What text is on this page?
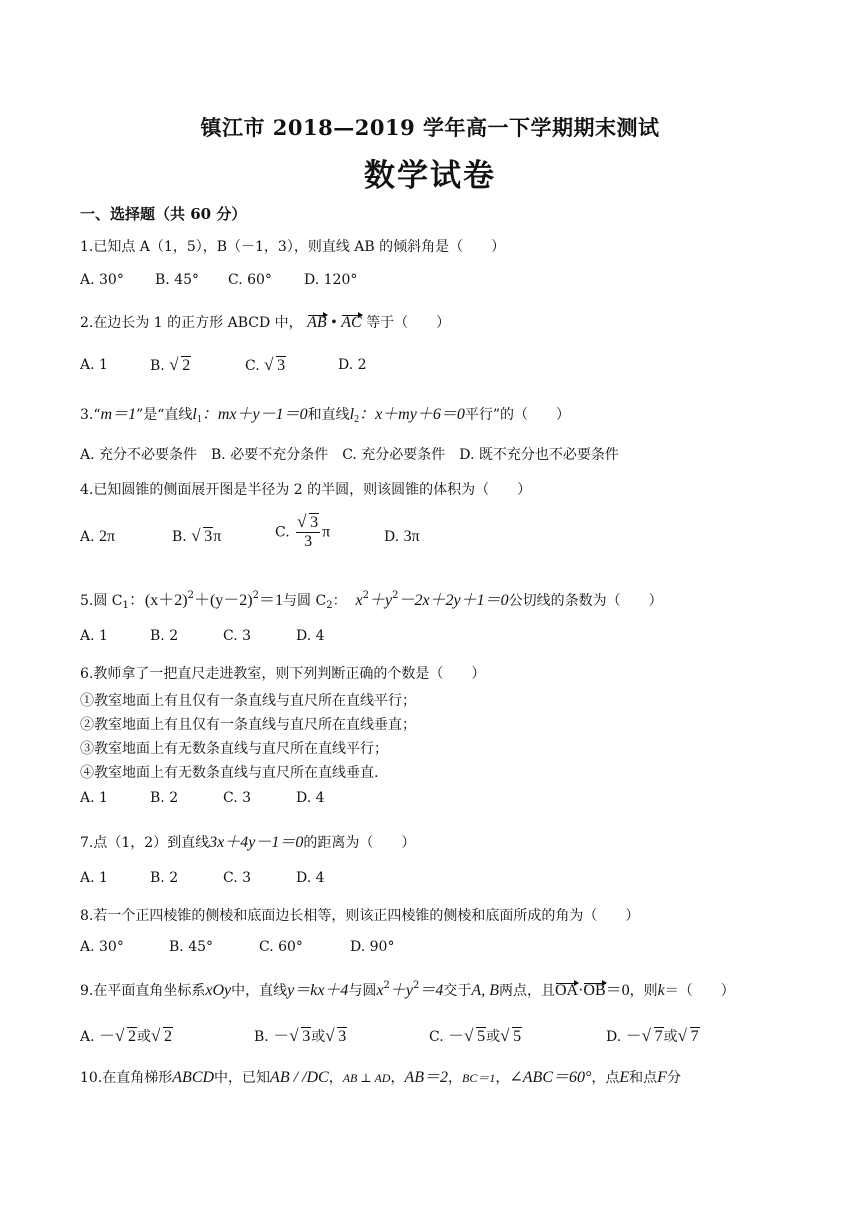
镇江市 2018—2019 学年高一下学期期末测试
数学试卷
一、选择题（共 60 分）
1.已知点 A（1，5），B（－1，3），则直线 AB 的倾斜角是（　　）
A. 30° B. 45° C. 60° D. 120°
2.在边长为 1 的正方形 ABCD 中， AB • AC 等于（　　）
A. 1	B. √ 2	C. √ 3	D. 2
3.“m＝1”是“直线$l_1$：mx＋y－1＝0和直线$l_2$：x＋my＋6＝0平行”的（　　）
A. 充分不必要条件　B. 必要不充分条件　C. 充分必要条件　D. 既不充分也不必要条件
4.已知圆锥的侧面展开图是半径为 2 的半圆，则该圆锥的体积为（　　）
A. 2π	B. √ 3π	C. $\frac{√ 3}{3}$ π	D. 3π
5.圆 $C_1$：$(x+2)^2+(y-2)^2=1$与圆 $C_2$： $x^2+y^2-2x+2y+1=0$公切线的条数为（　　）
A. 1	B. 2	C. 3	D. 4
6.教师拿了一把直尺走进教室，则下列判断正确的个数是（　　）
①教室地面上有且仅有一条直线与直尺所在直线平行；
②教室地面上有且仅有一条直线与直尺所在直线垂直；
③教室地面上有无数条直线与直尺所在直线平行；
④教室地面上有无数条直线与直尺所在直线垂直.
A. 1	B. 2	C. 3	D. 4
7.点（1，2）到直线3x＋4y－1＝0的距离为（　　）
A. 1	B. 2	C. 3	D. 4
8.若一个正四棱锥的侧棱和底面边长相等，则该正四棱锥的侧棱和底面所成的角为（　　）
A. 30°	B. 45°	C. 60°	D. 90°
9.在平面直角坐标系xOy中，直线y＝kx＋4与圆$x^2+y^2=4$交于A, B两点，且OA·OB＝0，则k＝（　　）
A. － √ 2或 √ 2	B. － √ 3或 √ 3	C. － √ 5或 √ 5	D. － √ 7或 √ 7
10.在直角梯形ABCD中，已知AB / /DC，AB ⊥ AD，AB＝2，BC＝1，∠ABC＝60°，点E和点F分
